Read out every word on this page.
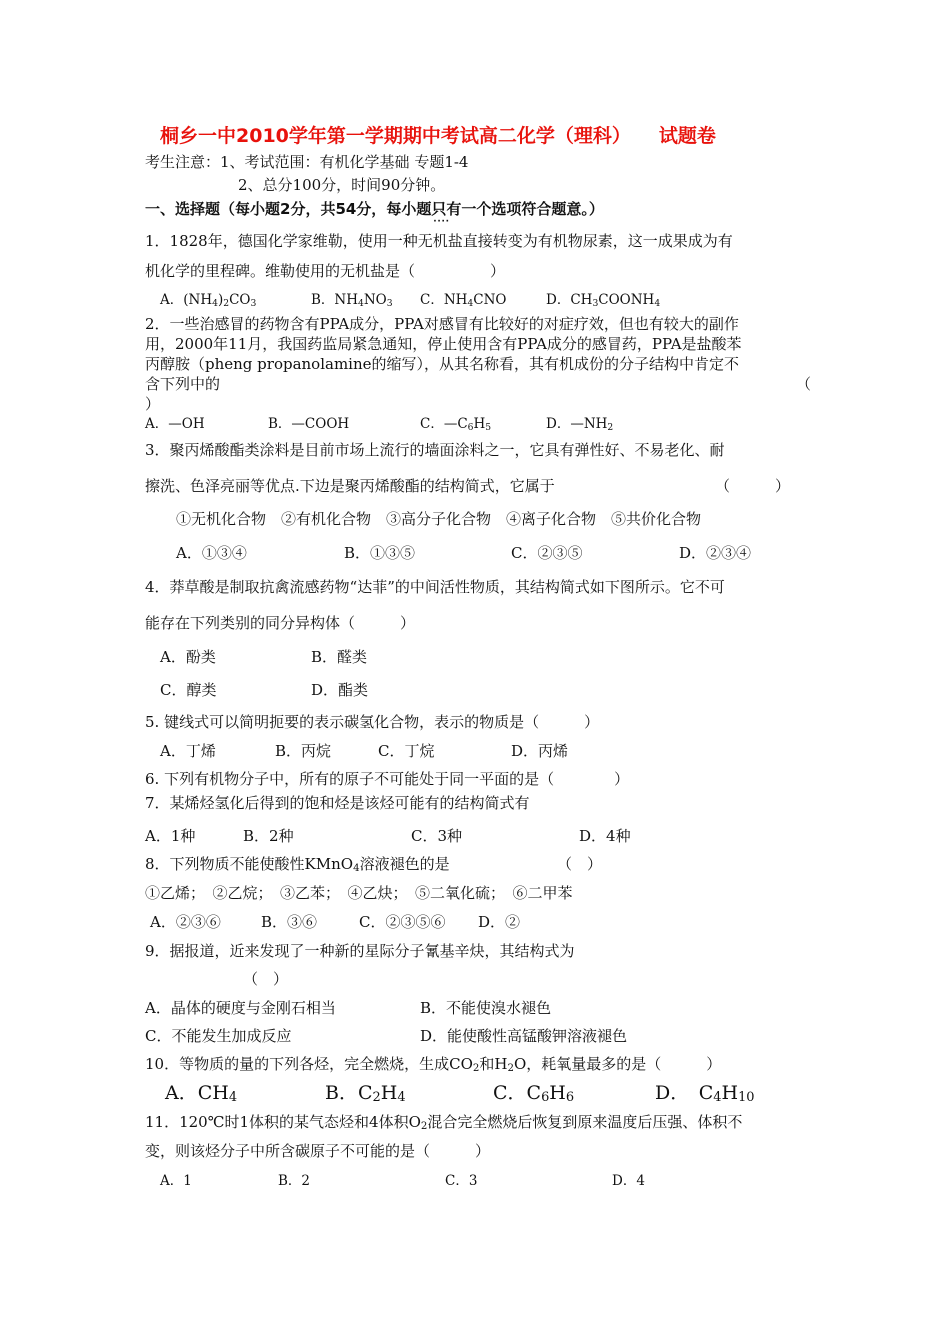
桐乡一中2010学年第一学期期中考试高二化学（理科） 试题卷
考生注意：1、考试范围：有机化学基础 专题1-4
2、总分100分，时间90分钟。
一、选择题（每小题2分，共54分，每小题只有一个 ‧ ‧ ‧ ‧选项符合题意。）
1．1828年，德国化学家维勒，使用一种无机盐直接转变为有机物尿素，这一成果成为有
机化学的里程碑。维勒使用的无机盐是（　　　　　）
A．$(NH_4)_2CO_3$	B．$NH_4NO_3$ C．$NH_4CNO$	D．$CH_3COONH_4$
2．一些治感冒的药物含有PPA成分，PPA对感冒有比较好的对症疗效，但也有较大的副作
用，2000年11月，我国药监局紧急通知，停止使用含有PPA成分的感冒药，PPA是盐酸苯
丙醇胺（pheng propanolamine的缩写），从其名称看，其有机成份的分子结构中肯定不
含下列中的	（
）
A．—OH	B．—COOH	C．$—C_6H_5$	D．$—NH_2$
3．聚丙烯酸酯类涂料是目前市场上流行的墙面涂料之一，它具有弹性好、不易老化、耐
擦洗、色泽亮丽等优点.下边是聚丙烯酸酯的结构简式，它属于	（　　　）
①无机化合物　②有机化合物　③高分子化合物　④离子化合物　⑤共价化合物
A．①③④	B．①③⑤	C．②③⑤	D．②③④
4．莽草酸是制取抗禽流感药物“达菲”的中间活性物质，其结构简式如下图所示。它不可
能存在下列类别的同分异构体（　　　）
A．酚类	B．醛类
C．醇类	D．酯类
5. 键线式可以简明扼要的表示碳氢化合物，表示的物质是（　　　）
A．丁烯	B．丙烷	C．丁烷	D．丙烯
6. 下列有机物分子中，所有的原子不可能处于同一平面的是（　　　　）
7．某烯烃氢化后得到的饱和烃是该烃可能有的结构简式有
A．1种	B．2种	C．3种	D．4种
8．下列物质不能使酸性KMnO$_4$溶液褪色的是	（　）
①乙烯；　②乙烷；　③乙苯；　④乙炔；　⑤二氧化硫；　⑥二甲苯
A．②③⑥	B．③⑥	C．②③⑤⑥ D．②
9．据报道，近来发现了一种新的星际分子氰基辛炔，其结构式为
（　）
A．晶体的硬度与金刚石相当	B．不能使溴水褪色
C．不能发生加成反应	D．能使酸性高锰酸钾溶液褪色
10．等物质的量的下列各烃，完全燃烧，生成$CO_2$和$H_2O$，耗氧量最多的是（　　　）
A．$CH_4$	B．$C_2H_4$	C．$C_6H_6$	D．　$C_4H_{10}$
11．120℃时1体积的某气态烃和4体积$O_2$混合完全燃烧后恢复到原来温度后压强、体积不
变，则该烃分子中所含碳原子不可能的是（　　　）
A．1	B．2	C．3	D．4
